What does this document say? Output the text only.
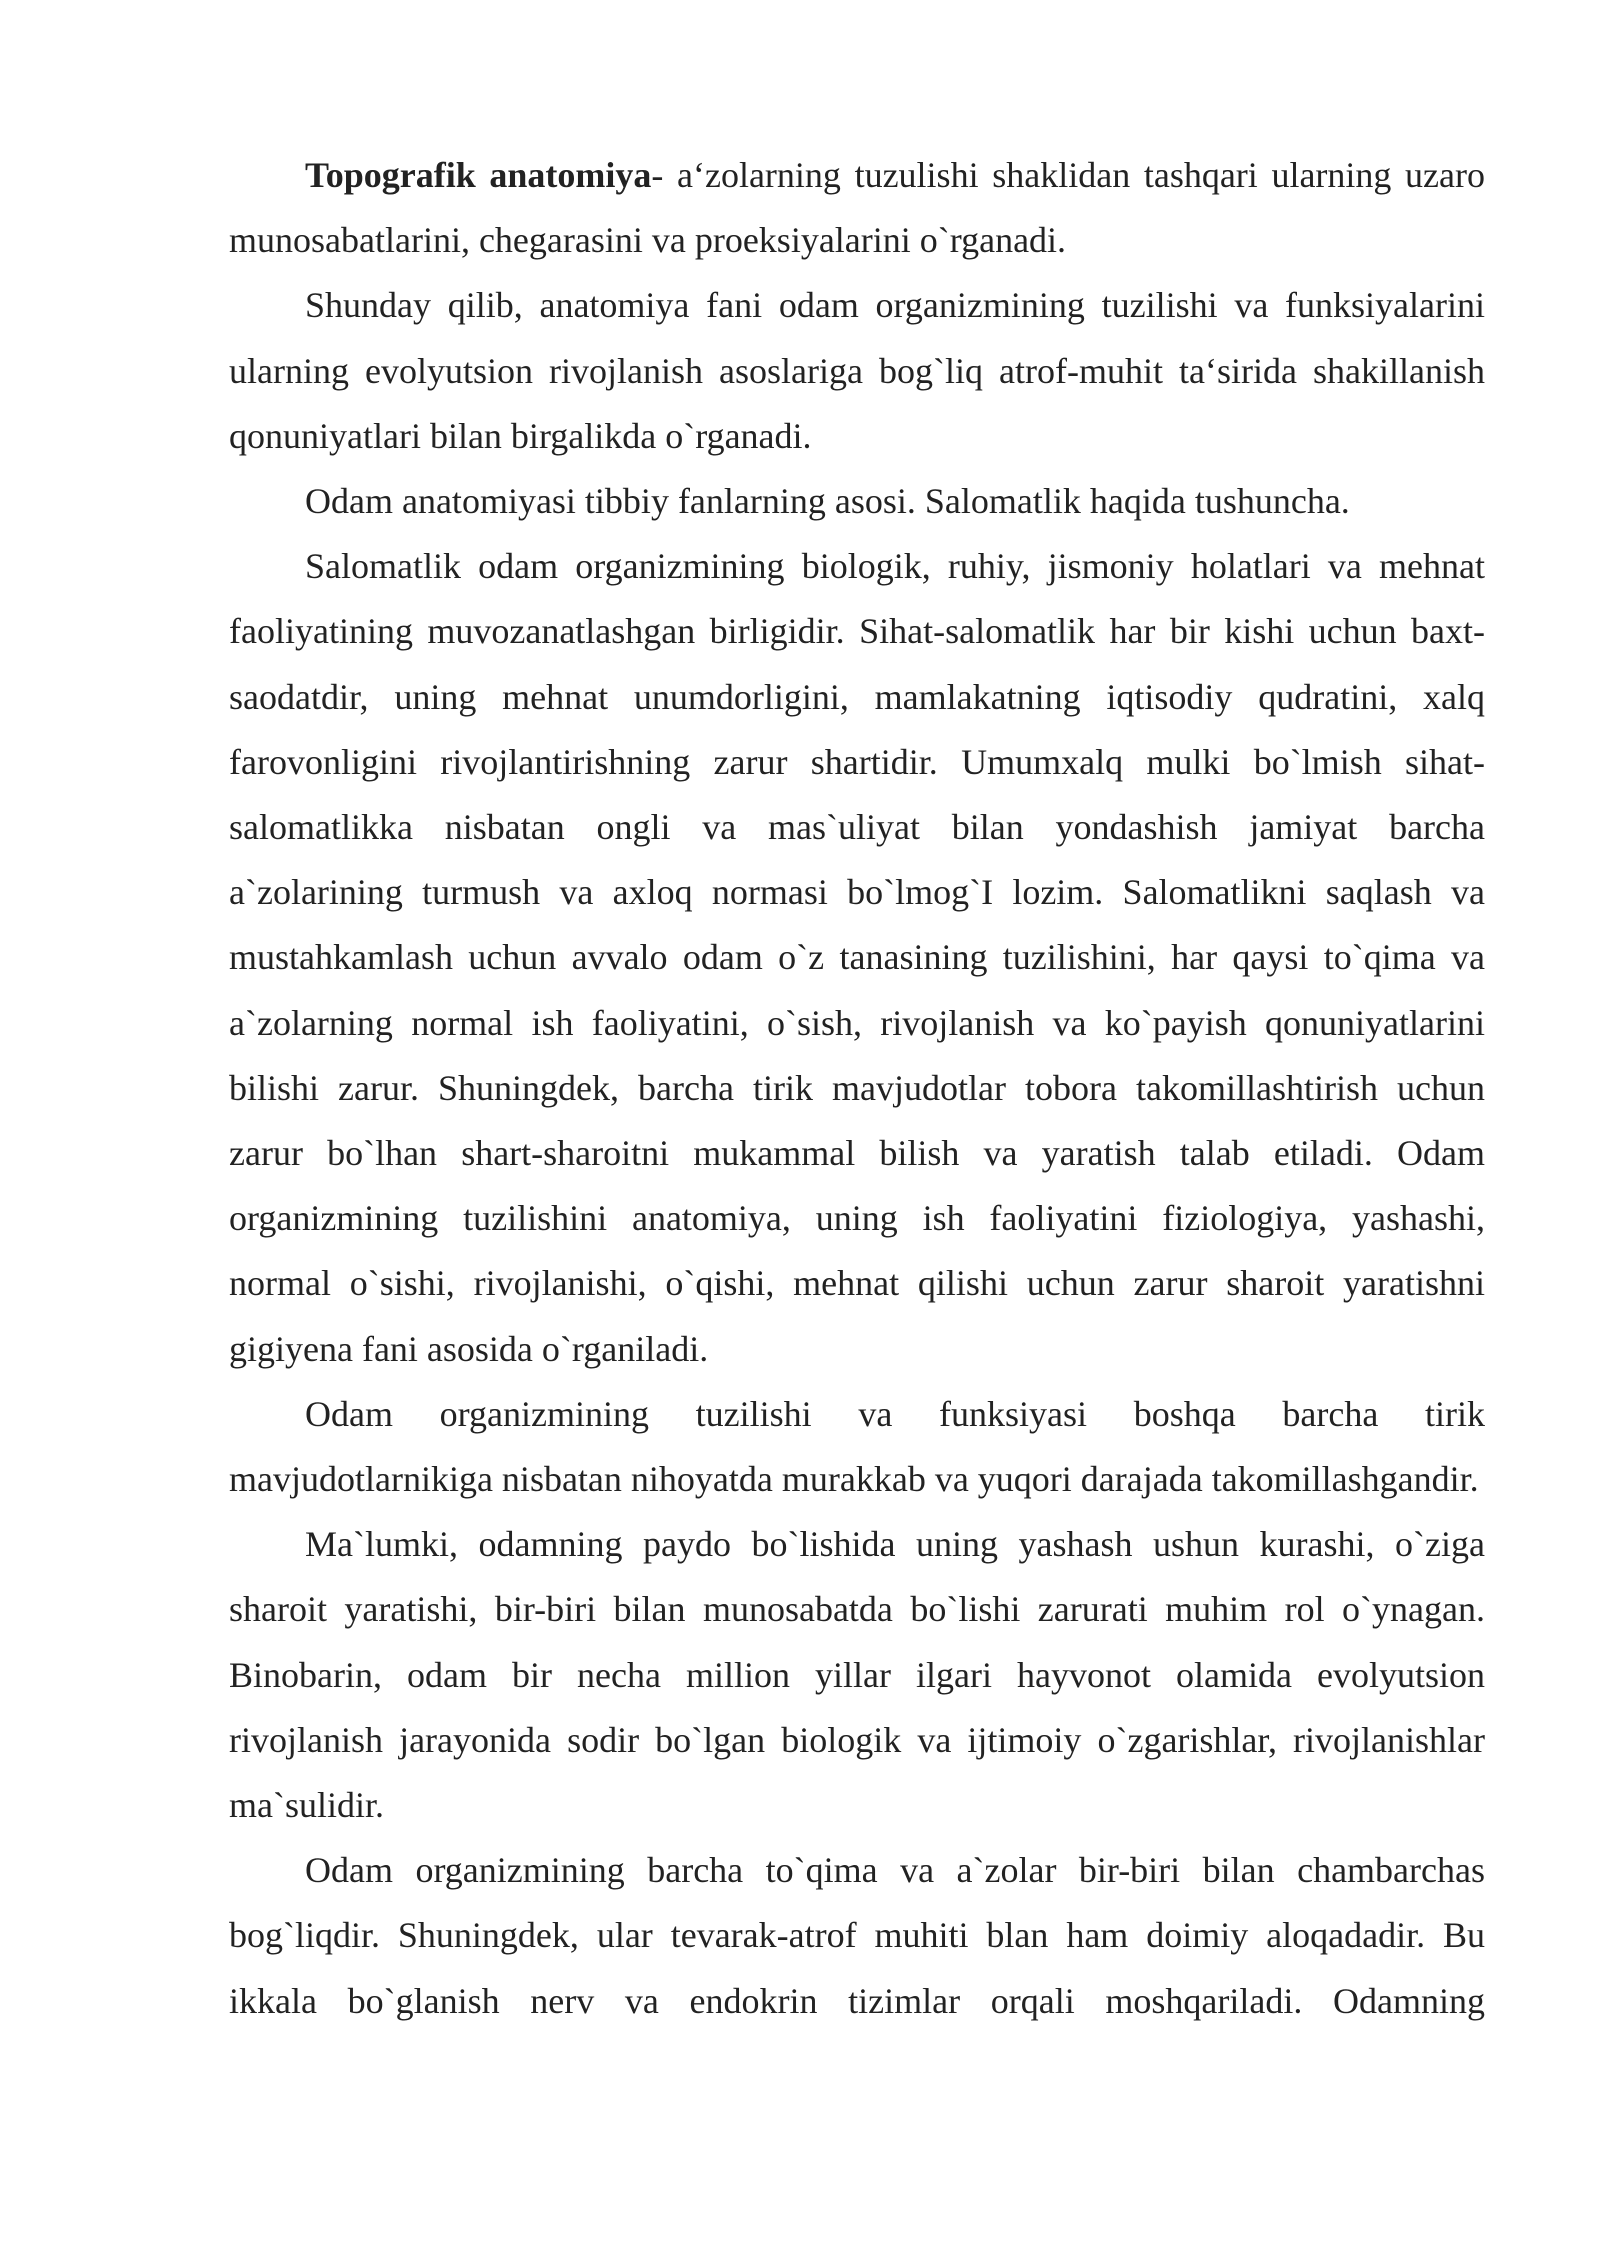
Topografik anatomiya- a‘zolarning tuzulishi shaklidan tashqari ularning uzaro munosabatlarini, chegarasini va proeksiyalarini o`rganadi.

Shunday qilib, anatomiya fani odam organizmining tuzilishi va funksiyalarini ularning evolyutsion rivojlanish asoslariga bog`liq atrof-muhit ta‘sirida shakillanish qonuniyatlari bilan birgalikda o`rganadi.

Odam anatomiyasi tibbiy fanlarning asosi. Salomatlik haqida tushuncha.

Salomatlik odam organizmining biologik, ruhiy, jismoniy holatlari va mehnat faoliyatining muvozanatlashgan birligidir. Sihat-salomatlik har bir kishi uchun baxt-saodatdir, uning mehnat unumdorligini, mamlakatning iqtisodiy qudratini, xalq farovonligini rivojlantirishning zarur shartidir. Umumxalq mulki bo`lmish sihat-salomatlikka nisbatan ongli va mas`uliyat bilan yondashish jamiyat barcha a`zolarining turmush va axloq normasi bo`lmog`I lozim. Salomatlikni saqlash va mustahkamlash uchun avvalo odam o`z tanasining tuzilishini, har qaysi to`qima va a`zolarning normal ish faoliyatini, o`sish, rivojlanish va ko`payish qonuniyatlarini bilishi zarur. Shuningdek, barcha tirik mavjudotlar tobora takomillashtirish uchun zarur bo`lhan shart-sharoitni mukammal bilish va yaratish talab etiladi. Odam organizmining tuzilishini anatomiya, uning ish faoliyatini fiziologiya, yashashi, normal o`sishi, rivojlanishi, o`qishi, mehnat qilishi uchun zarur sharoit yaratishni gigiyena fani asosida o`rganiladi.

Odam organizmining tuzilishi va funksiyasi boshqa barcha tirik mavjudotlarnikiga nisbatan nihoyatda murakkab va yuqori darajada takomillashgandir.

Ma`lumki, odamning paydo bo`lishida uning yashash ushun kurashi, o`ziga sharoit yaratishi, bir-biri bilan munosabatda bo`lishi zarurati muhim rol o`ynagan. Binobarin, odam bir necha million yillar ilgari hayvonot olamida evolyutsion rivojlanish jarayonida sodir bo`lgan biologik va ijtimoiy o`zgarishlar, rivojlanishlar ma`sulidir.

Odam organizmining barcha to`qima va a`zolar bir-biri bilan chambarchas bog`liqdir. Shuningdek, ular tevarak-atrof muhiti blan ham doimiy aloqadadir. Bu ikkala bo`glanish nerv va endokrin tizimlar orqali moshqariladi. Odamning
